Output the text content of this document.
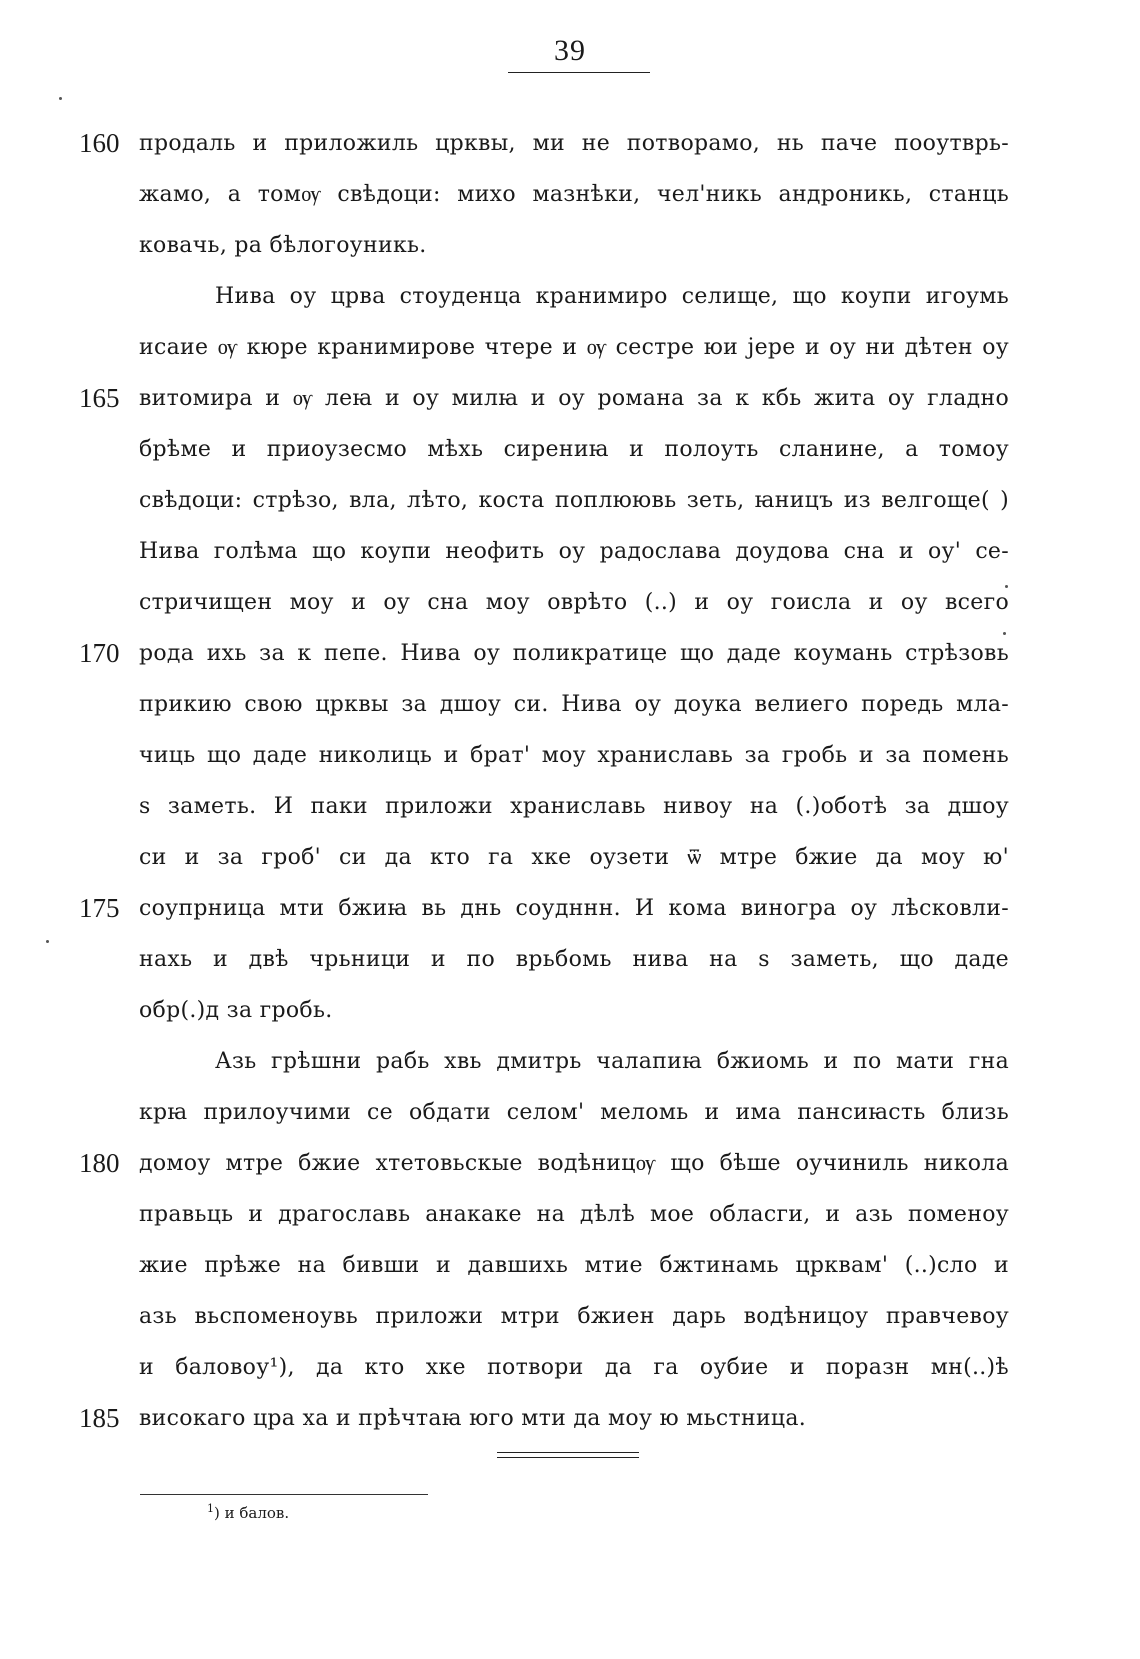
39
160 продаль и приложиль црквы, ми не потворамо, нь паче пооутврь-
жамо, а томѹ свѣдоци: михо мазнѣки, чел'никь андроникь, станць
ковачь, ра бѣлогоуникь.
Нива оу црва стоуденца крaнимиро селище, що коупи игоумь
исаие ѹ кюре крaнимирове чтере и ѹ сестре юи јере и оу ни дѣтен оу
165 витомира и ѹ леꙗ и оу милꙗ и оу романа за к кбь жита оу гладно
брѣме и приоузесмо мѣхь сирениꙗ и полоуть сланине, а томоу
свѣдоци: стрѣзо, вла, лѣто, коста поплюювь зеть, ꙗницъ из велгоще( )
Нива голѣма що коупи неофить оу радослава доудова сна и оу' се-
стричищен моу и оу сна моу оврѣто (..) и оу гоисла и оу всего
170 рода ихь за к пепе. Нива оу поликратице що даде коумань стрѣзовь
прикию свою црквы за дшоу си. Нива оу доука велиего поредь мла-
чиць що даде николиць и брат' моу храниславь за гробь и за помень
ѕ заметь. И паки приложи храниславь нивоу на (.)оботѣ за дшоу
си и за гроб' си да кто га хке оузети ѿ мтре бжие да моу ю'
175 соупрница мти бжиꙗ вь днь соудннн. И кома виногра оу лѣсковли-
нахь и двѣ чрьници и по врьбомь нива на ѕ заметь, що даде
обр(.)д за гробь.
Азь грѣшни рабь хвь дмитрь чалапиꙗ бжиомь и по мати гна
крꙗ прилоучими се обдати селом' меломь и има пансиꙗсть близь
180 домоу мтре бжие хтетовьскые водѣницѹ що бѣше оучиниль никола
правьць и драгославь анакаке на дѣлѣ мое обласги, и азь поменоу
жие прѣже на бивши и давшихь мтие бжтинамь црквам' (..)сло и
азь вьспоменоувь приложи мтри бжиен дарь водѣницоу правчевоу
и баловоу¹), да кто хке потвори да га оубие и поразн мн(..)ѣ
185 високаго цра ха и прѣчтаꙗ юго мти да моу ю мьстница.
$^1$) и балов.
